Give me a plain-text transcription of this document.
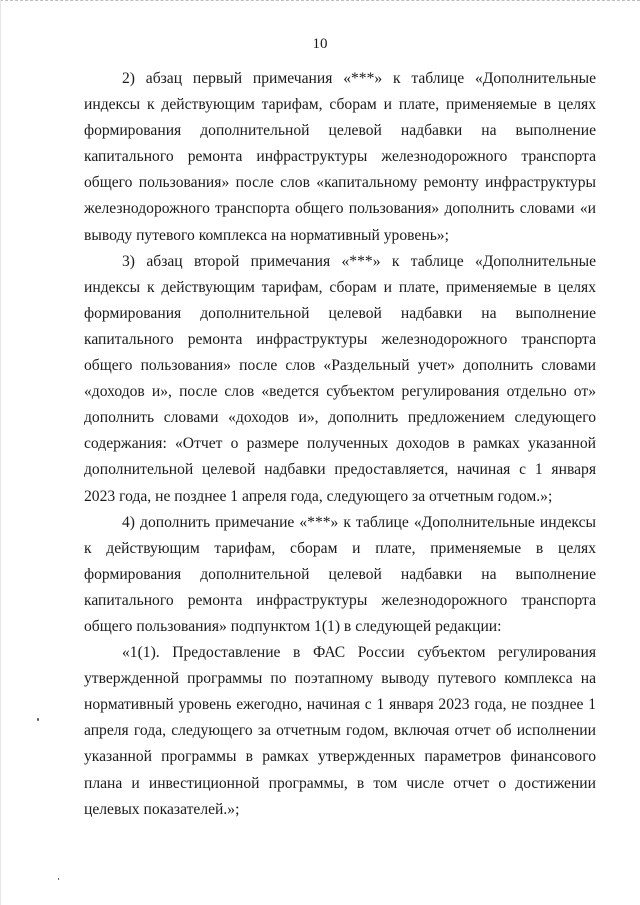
10

2) абзац первый примечания «***» к таблице «Дополнительные индексы к действующим тарифам, сборам и плате, применяемые в целях формирования дополнительной целевой надбавки на выполнение капитального ремонта инфраструктуры железнодорожного транспорта общего пользования» после слов «капитальному ремонту инфраструктуры железнодорожного транспорта общего пользования» дополнить словами «и выводу путевого комплекса на нормативный уровень»;

3) абзац второй примечания «***» к таблице «Дополнительные индексы к действующим тарифам, сборам и плате, применяемые в целях формирования дополнительной целевой надбавки на выполнение капитального ремонта инфраструктуры железнодорожного транспорта общего пользования» после слов «Раздельный учет» дополнить словами «доходов и», после слов «ведется субъектом регулирования отдельно от» дополнить словами «доходов и», дополнить предложением следующего содержания: «Отчет о размере полученных доходов в рамках указанной дополнительной целевой надбавки предоставляется, начиная с 1 января 2023 года, не позднее 1 апреля года, следующего за отчетным годом.»;

4) дополнить примечание «***» к таблице «Дополнительные индексы к действующим тарифам, сборам и плате, применяемые в целях формирования дополнительной целевой надбавки на выполнение капитального ремонта инфраструктуры железнодорожного транспорта общего пользования» подпунктом 1(1) в следующей редакции:

«1(1). Предоставление в ФАС России субъектом регулирования утвержденной программы по поэтапному выводу путевого комплекса на нормативный уровень ежегодно, начиная с 1 января 2023 года, не позднее 1 апреля года, следующего за отчетным годом, включая отчет об исполнении указанной программы в рамках утвержденных параметров финансового плана и инвестиционной программы, в том числе отчет о достижении целевых показателей.»;
